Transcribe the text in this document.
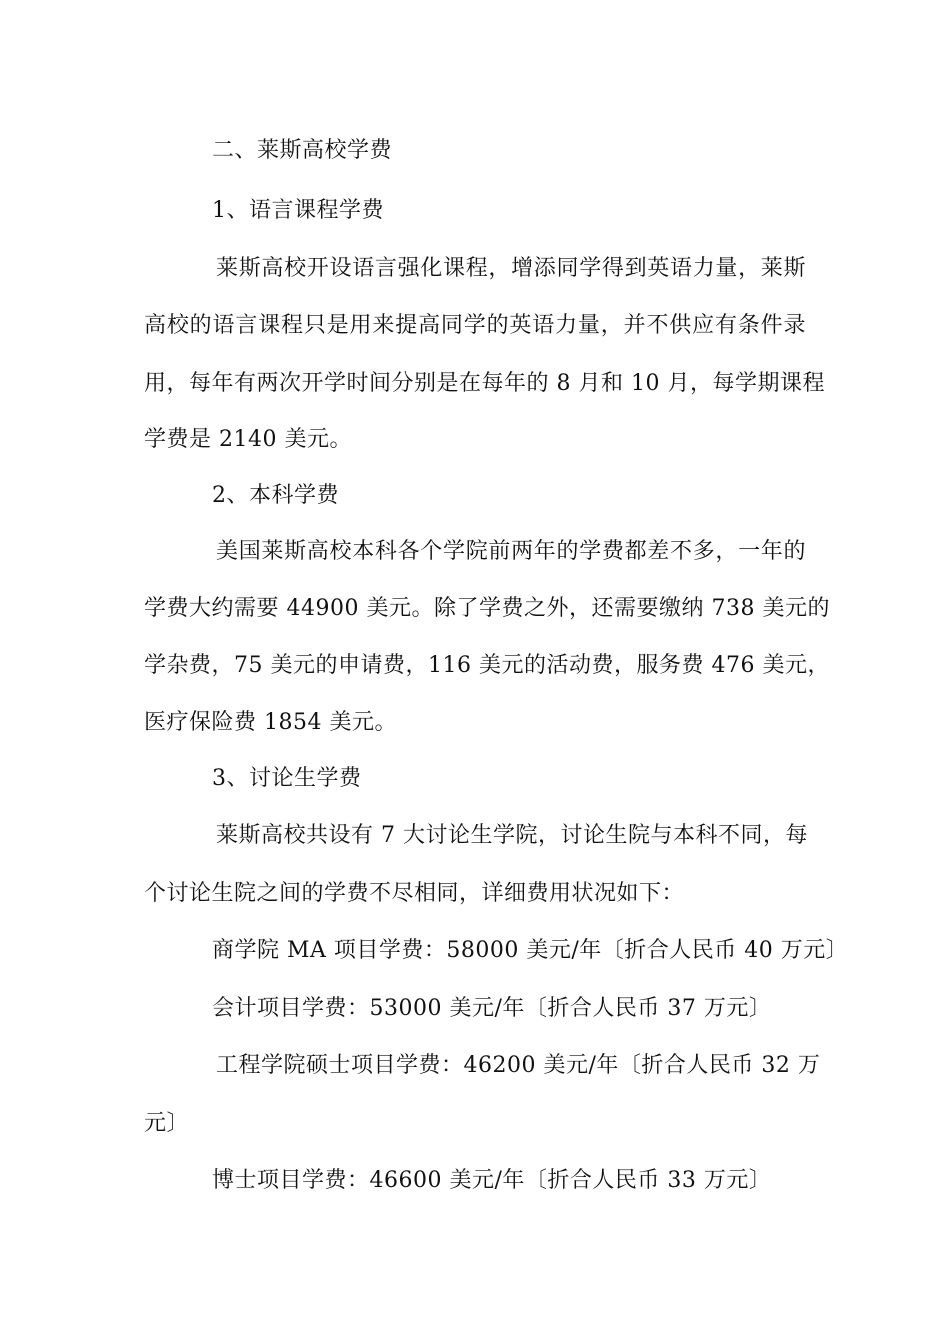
二、莱斯高校学费
1、语言课程学费
莱斯高校开设语言强化课程，增添同学得到英语力量，莱斯
高校的语言课程只是用来提高同学的英语力量，并不供应有条件录
用，每年有两次开学时间分别是在每年的 8 月和 10 月，每学期课程
学费是 2140 美元。
2、本科学费
美国莱斯高校本科各个学院前两年的学费都差不多，一年的
学费大约需要 44900 美元。除了学费之外，还需要缴纳 738 美元的
学杂费，75 美元的申请费，116 美元的活动费，服务费 476 美元，
医疗保险费 1854 美元。
3、讨论生学费
莱斯高校共设有 7 大讨论生学院，讨论生院与本科不同，每
个讨论生院之间的学费不尽相同，详细费用状况如下：
商学院 MA 项目学费：58000 美元/年〔折合人民币 40 万元〕
会计项目学费：53000 美元/年〔折合人民币 37 万元〕
工程学院硕士项目学费：46200 美元/年〔折合人民币 32 万
元〕
博士项目学费：46600 美元/年〔折合人民币 33 万元〕
